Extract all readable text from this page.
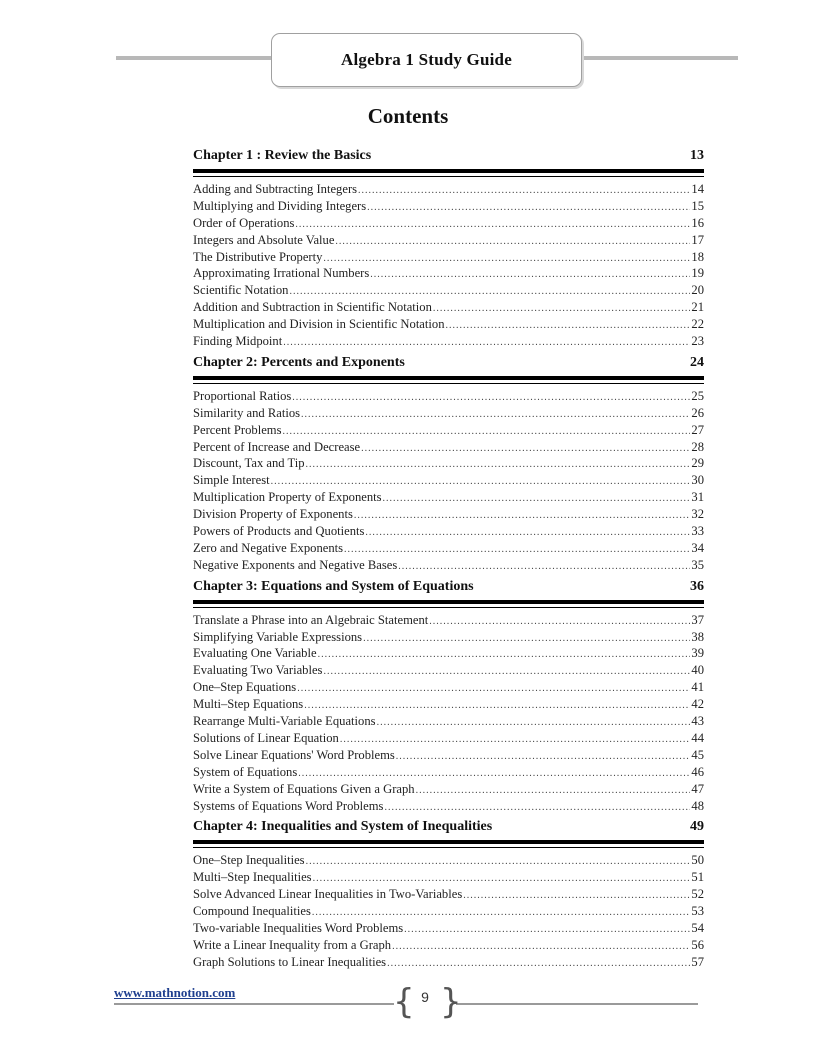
Algebra 1 Study Guide
Contents
Chapter 1 : Review the Basics	13
Adding and Subtracting Integers .....	14
Multiplying and Dividing Integers .....	15
Order of Operations .....	16
Integers and Absolute Value .....	17
The Distributive Property .....	18
Approximating Irrational Numbers .....	19
Scientific Notation .....	20
Addition and Subtraction in Scientific Notation .....	21
Multiplication and Division in Scientific Notation .....	22
Finding Midpoint .....	23
Chapter 2: Percents and Exponents	24
Proportional Ratios .....	25
Similarity and Ratios .....	26
Percent Problems .....	27
Percent of Increase and Decrease .....	28
Discount, Tax and Tip .....	29
Simple Interest .....	30
Multiplication Property of Exponents .....	31
Division Property of Exponents .....	32
Powers of Products and Quotients .....	33
Zero and Negative Exponents .....	34
Negative Exponents and Negative Bases .....	35
Chapter 3: Equations and System of Equations	36
Translate a Phrase into an Algebraic Statement .....	37
Simplifying Variable Expressions .....	38
Evaluating One Variable .....	39
Evaluating Two Variables .....	40
One–Step Equations .....	41
Multi–Step Equations .....	42
Rearrange Multi-Variable Equations .....	43
Solutions of Linear Equation .....	44
Solve Linear Equations' Word Problems .....	45
System of Equations .....	46
Write a System of Equations Given a Graph .....	47
Systems of Equations Word Problems .....	48
Chapter 4: Inequalities and System of Inequalities	49
One–Step Inequalities .....	50
Multi–Step Inequalities .....	51
Solve Advanced Linear Inequalities in Two-Variables .....	52
Compound Inequalities .....	53
Two-variable Inequalities Word Problems .....	54
Write a Linear Inequality from a Graph .....	56
Graph Solutions to Linear Inequalities .....	57
www.mathnotion.com	{ 9 }
